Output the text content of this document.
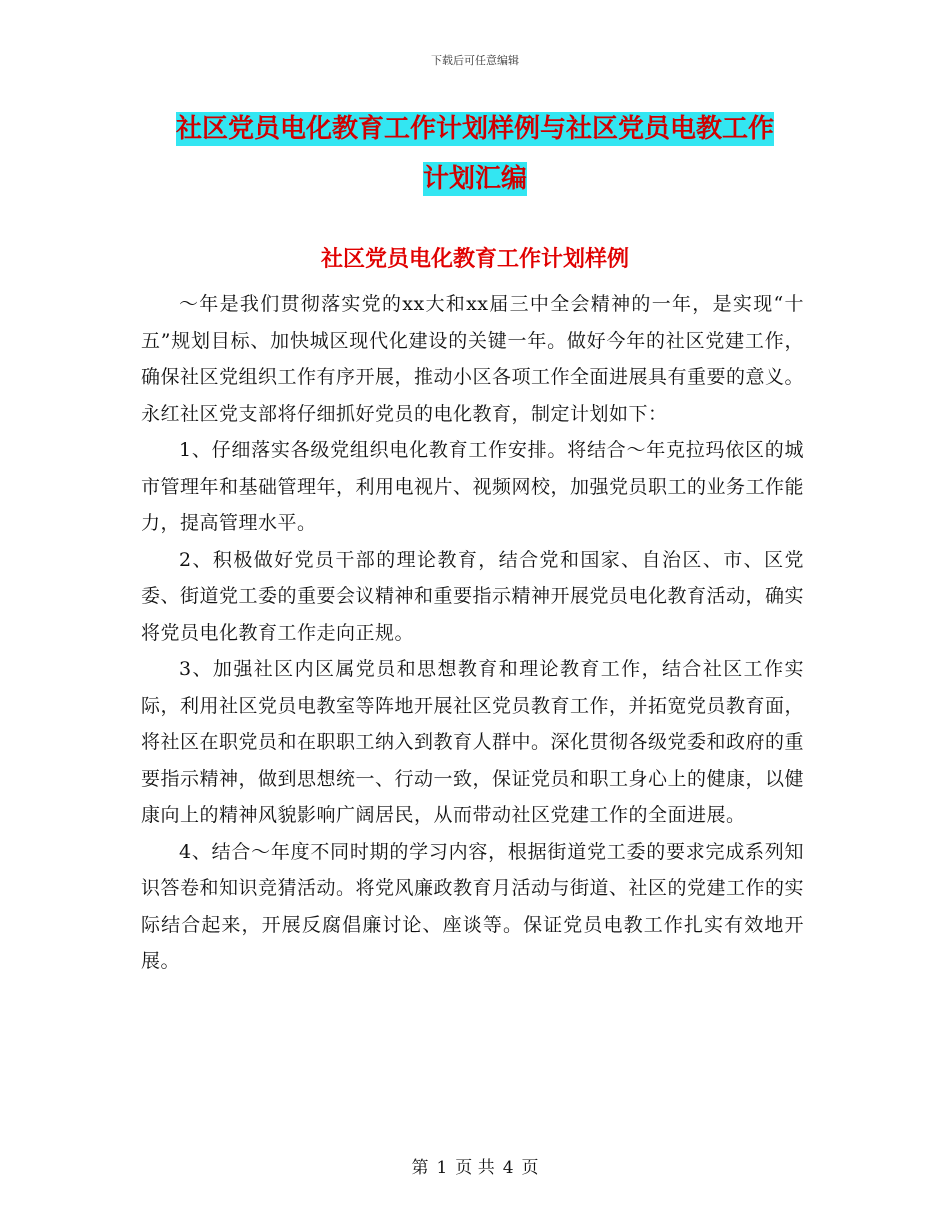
下载后可任意编辑
社区党员电化教育工作计划样例与社区党员电教工作
计划汇编
社区党员电化教育工作计划样例

～年是我们贯彻落实党的xx大和xx届三中全会精神的一年，是实现“十五”规划目标、加快城区现代化建设的关键一年。做好今年的社区党建工作，确保社区党组织工作有序开展，推动小区各项工作全面进展具有重要的意义。永红社区党支部将仔细抓好党员的电化教育，制定计划如下：

1、仔细落实各级党组织电化教育工作安排。将结合～年克拉玛依区的城市管理年和基础管理年，利用电视片、视频网校，加强党员职工的业务工作能力，提高管理水平。

2、积极做好党员干部的理论教育，结合党和国家、自治区、市、区党委、街道党工委的重要会议精神和重要指示精神开展党员电化教育活动，确实将党员电化教育工作走向正规。

3、加强社区内区属党员和思想教育和理论教育工作，结合社区工作实际，利用社区党员电教室等阵地开展社区党员教育工作，并拓宽党员教育面，将社区在职党员和在职职工纳入到教育人群中。深化贯彻各级党委和政府的重要指示精神，做到思想统一、行动一致，保证党员和职工身心上的健康，以健康向上的精神风貌影响广阔居民，从而带动社区党建工作的全面进展。

4、结合～年度不同时期的学习内容，根据街道党工委的要求完成系列知识答卷和知识竞猜活动。将党风廉政教育月活动与街道、社区的党建工作的实际结合起来，开展反腐倡廉讨论、座谈等。保证党员电教工作扎实有效地开展。

第 1 页 共 4 页
